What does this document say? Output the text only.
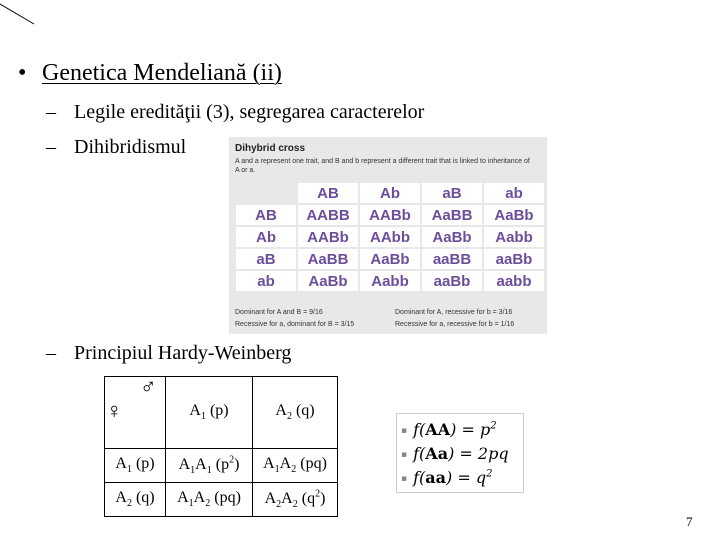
• Genetica Mendeliană (ii)
– Legile eredităţii (3), segregarea caracterelor
– Dihibridismul
– Principiul Hardy-Weinberg
Dihybrid cross
A and a represent one trait, and B and b represent a different trait that is linked to inheritance of A or a.
	AB	Ab	aB	ab
AB	AABB	AABb	AaBB	AaBb
Ab	AABb	AAbb	AaBb	Aabb
aB	AaBB	AaBb	aaBB	aaBb
ab	AaBb	Aabb	aaBb	aabb
Dominant for A and B = 9/16	Dominant for A, recessive for b = 3/16
Recessive for a, dominant for B = 3/15	Recessive for a, recessive for b = 1/16
	$A_1$ (p)	$A_2$ (q)
$A_1$ (p)	$A_1A_1$ $(p^2)$	$A_1A_2$ (pq)
$A_2$ (q)	$A_1A_2$ (pq)	$A_2A_2$ $(q^2)$
♂
♀
▪ $f(AA) = p^2$
▪ f(Aa) = 2pq
▪ $f(aa) = q^2$
7
